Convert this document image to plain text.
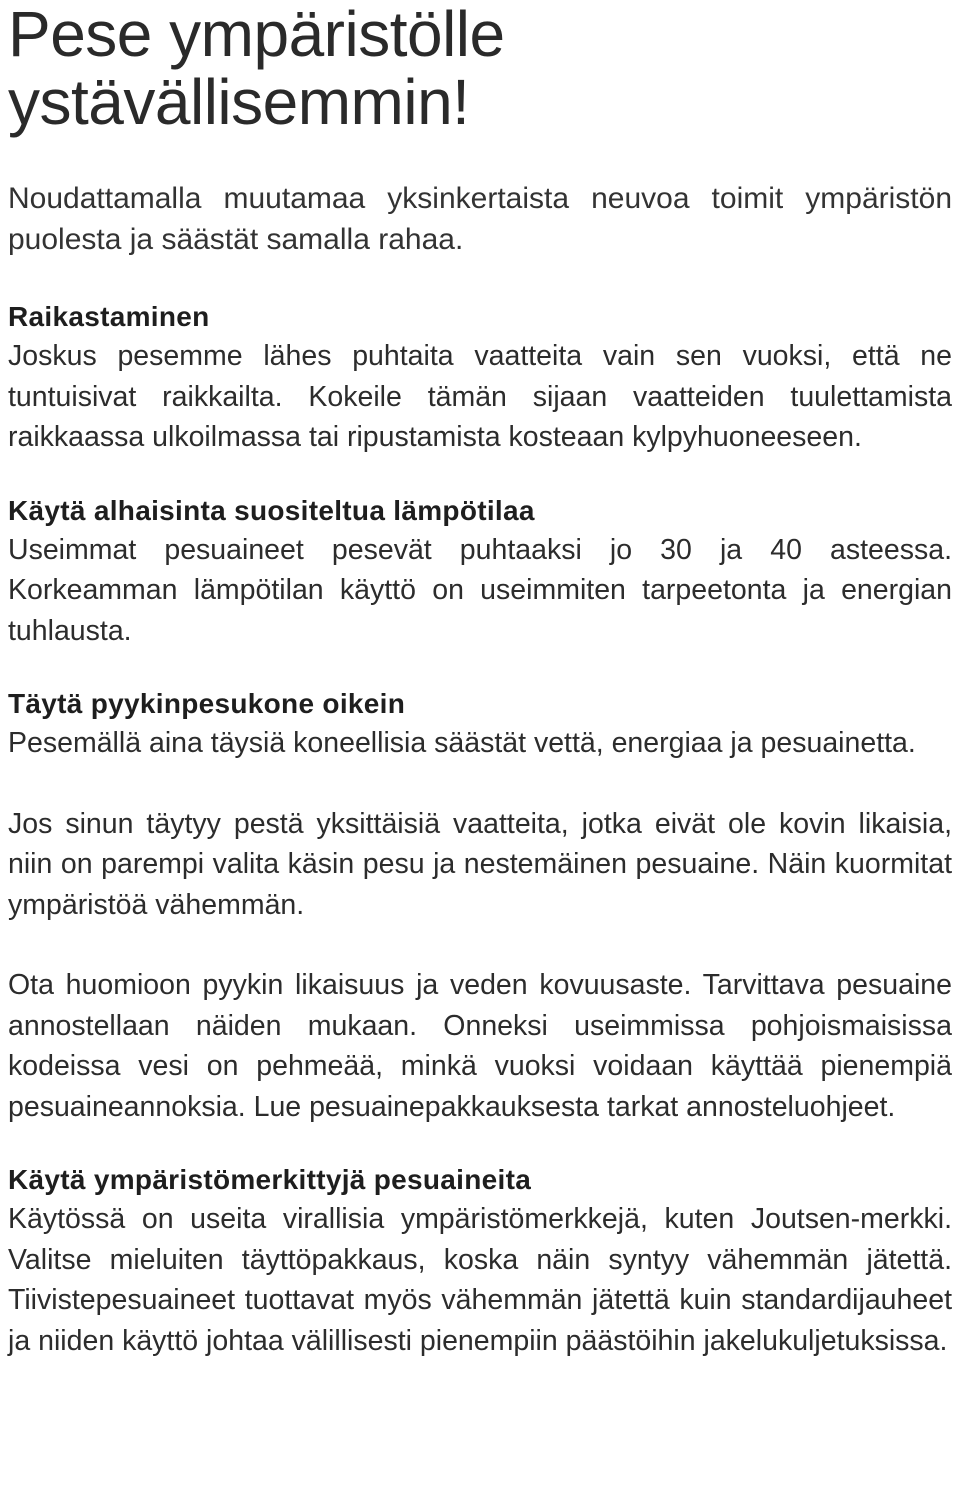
Pese ympäristölle
ystävällisemmin!

Noudattamalla muutamaa yksinkertaista neuvoa toimit ympäristön puolesta ja säästät samalla rahaa.

Raikastaminen

Joskus pesemme lähes puhtaita vaatteita vain sen vuoksi, että ne tuntuisivat raikkailta. Kokeile tämän sijaan vaatteiden tuulettamista raikkaassa ulkoilmassa tai ripustamista kosteaan kylpyhuoneeseen.

Käytä alhaisinta suositeltua lämpötilaa

Useimmat pesuaineet pesevät puhtaaksi jo 30 ja 40 asteessa. Korkeamman lämpötilan käyttö on useimmiten tarpeetonta ja energian tuhlausta.

Täytä pyykinpesukone oikein

Pesemällä aina täysiä koneellisia säästät vettä, energiaa ja pesuainetta.

Jos sinun täytyy pestä yksittäisiä vaatteita, jotka eivät ole kovin likaisia, niin on parempi valita käsin pesu ja nestemäinen pesuaine. Näin kuormitat ympäristöä vähemmän.

Ota huomioon pyykin likaisuus ja veden kovuusaste. Tarvittava pesuaine annostellaan näiden mukaan. Onneksi useimmissa pohjoismaisissa kodeissa vesi on pehmeää, minkä vuoksi voidaan käyttää pienempiä pesuaineannoksia. Lue pesuainepakkauksesta tarkat annosteluohjeet.

Käytä ympäristömerkittyjä pesuaineita

Käytössä on useita virallisia ympäristömerkkejä, kuten Joutsen-merkki. Valitse mieluiten täyttöpakkaus, koska näin syntyy vähemmän jätettä. Tiivistepesuaineet tuottavat myös vähemmän jätettä kuin standardijauheet ja niiden käyttö johtaa välillisesti pienempiin päästöihin jakelukuljetuksissa.
